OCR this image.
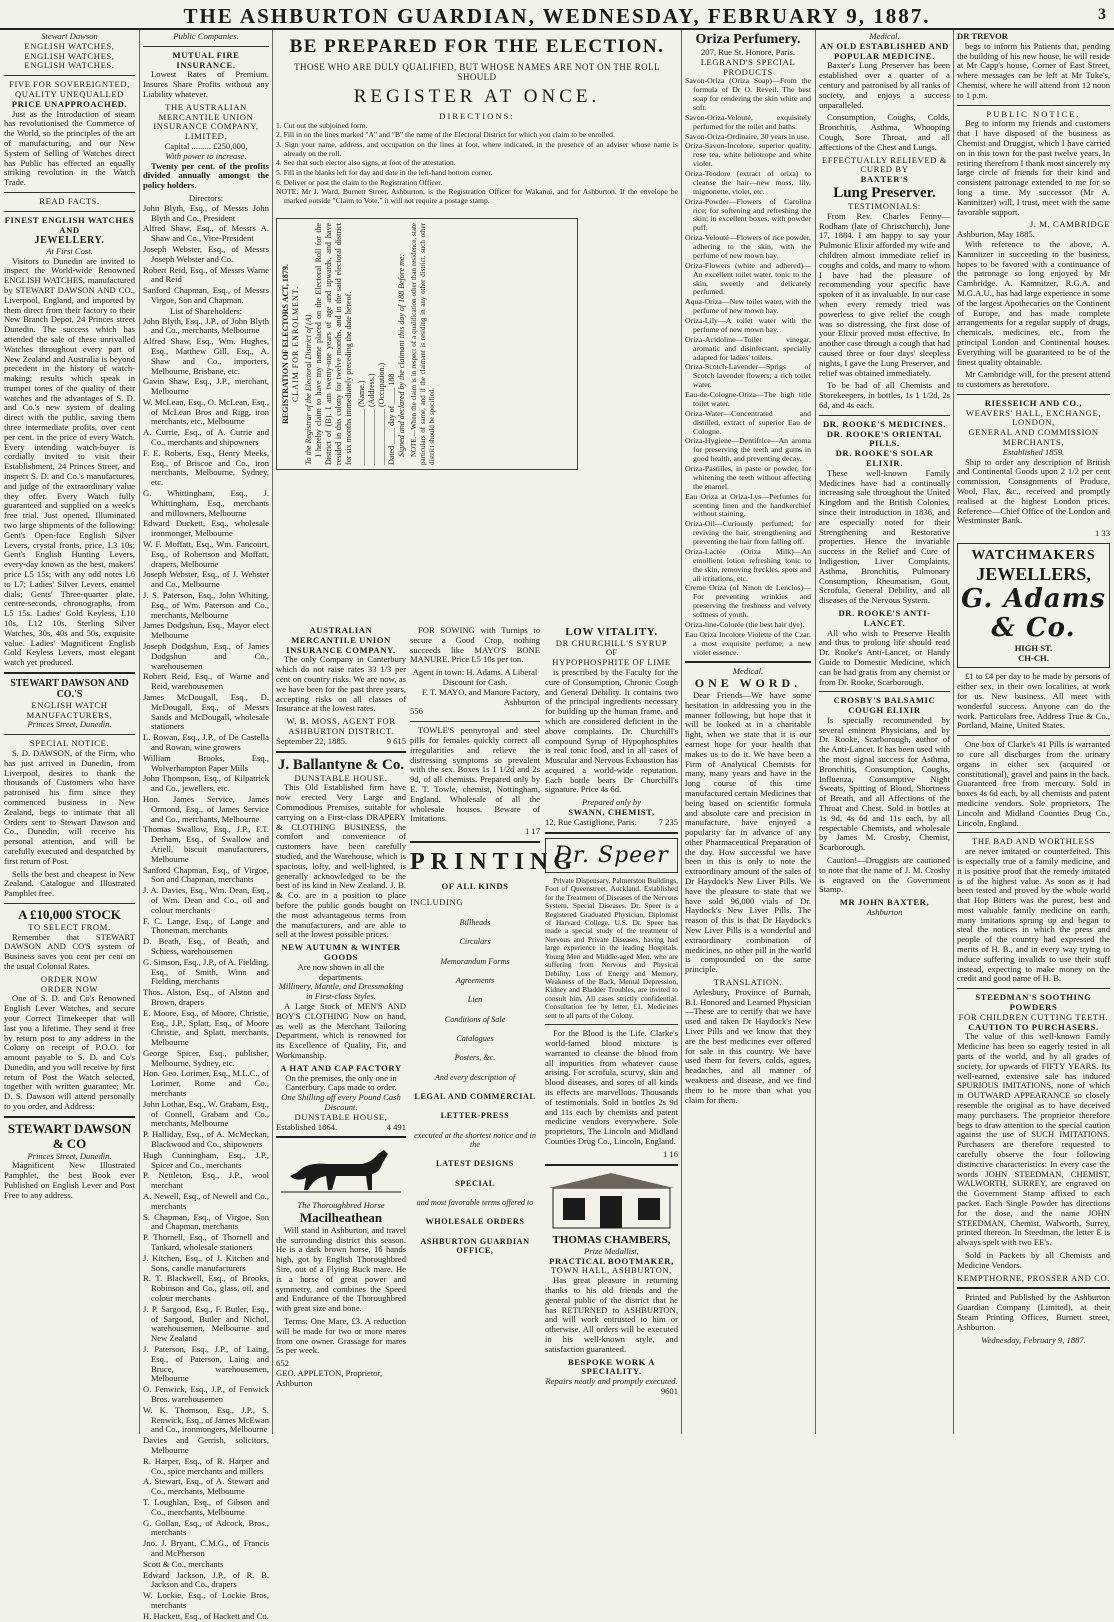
THE ASHBURTON GUARDIAN, WEDNESDAY, FEBRUARY 9, 1887.	3
Stewart Dawson
ENGLISH WATCHES,
ENGLISH WATCHES,
ENGLISH WATCHES.
FIVE FOR SOVEREIGNTED,
QUALITY UNEQUALLED
PRICE UNAPPROACHED.

Just as the Introduction of steam has revolutionised the Commerce of the World, so the principles of the art of manufacturing, and our New System of Selling of Watches direct has Public has effected an equally striking revolution in the Watch Trade.

READ FACTS.
FINEST ENGLISH WATCHES AND
JEWELLERY.
At First Cost.

Visitors to Dunedin are invited to inspect the World-wide Renowned ENGLISH WATCHES, manufactured by STEWART DAWSON AND CO., Liverpool, England, and imported by them direct from their factory to their New Branch Depot, 24 Princes street Dunedin. The success which has attended the sale of these unrivalled Watches throughout every part of New Zealand and Australia is beyond precedent in the history of watch-making; results which speak in trumpet tones of the quality of their watches and the advantages of S. D. and Co.'s new system of dealing direct with the public, saving them three intermediate profits, over cent per cent. in the price of every Watch. Every intending watch-buyer is cordially invited to visit their Establishment, 24 Princes Street, and inspect S. D. and Co.'s manufactures, and judge of the extraordinary value they offer. Every Watch fully guaranteed and supplied on a week's free trial. Just opened, Illuminated two large shipments of the following: Gent's Open-face English Silver Levers, crystal fronts, price, L3 10s; Gent's English Hunting Levers, every-day known as the best, makers' price L5 15s; with any odd notes L6 to L7; Ladies' Silver Levers, enamel dials; Gents' Three-quarter plate, centre-seconds, chronographs, from L5 15s. Ladies' Gold Keyless, L10 10s, L12 10s. Sterling Silver Watches, 30s, 40s and 50s, exquisite value. Ladies' Magnificent English Gold Keyless Levers, most elegant watch yet produced.

STEWART DAWSON AND CO.'S
ENGLISH WATCH MANUFACTURERS,
Princes Street, Dunedin.
SPECIAL NOTICE.

S. D. DAWSON, of the Firm, who has just arrived in Dunedin, from Liverpool, desires to thank the thousands of Customers who have patronised his firm since they commenced business in New Zealand, begs to intimate that all Orders sent to Stewart Dawson and Co., Dunedin, will receive his personal attention, and will be carefully executed and despatched by first return of Post.

Sells the best and cheapest in New Zealand. Catalogue and Illustrated Pamphlet free.

A £10,000 STOCK
TO SELECT FROM.

Remember that STEWART DAWSON AND CO'S system of Business saves you cent per cent on the usual Colonial Rates.

ORDER NOW
ORDER NOW

One of S. D. and Co's Renowned English Lever Watches, and secure your Correct Timekeeper that will last you a lifetime. They send it free by return post to any address in the Colony on receipt of P.O.O. for amount payable to S. D. and Co's Dunedin, and you will receive by first return of Post the Watch selected, together with written guarantee; Mr. D. S. Dawson will attend personally to you order, and Address:

STEWART DAWSON & CO
Princes Street, Dunedin.

Magnificent New Illustrated Pamphlet, the best Book ever Published on English Lever and Post Free to any address.

Public Companies.
MUTUAL FIRE INSURANCE.

Lowest Rates of Premium. Insures Share Profits without any Liability whatever.

THE AUSTRALIAN MERCANTILE UNION INSURANCE COMPANY,
LIMITED.
Capital ......... £250,000,
With power to increase.

Twenty per cent. of the profits divided annually amongst the policy holders.

Directors:
John Blyth, Esq., of Messrs John Blyth and Co., President
Alfred Shaw, Esq., of Messrs A. Shaw and Co., Vice-President
Joseph Webster, Esq., of Messrs Joseph Webster and Co.
Robert Reid, Esq., of Messrs Warne and Reid
Sanford Chapman, Esq., of Messrs Virgoe, Son and Chapman.
List of Shareholders:
John Blyth, Esq., J.P., of John Blyth and Co., merchants, Melbourne
Alfred Shaw, Esq., Wm. Hughes, Esq., Matthew Gill, Esq., A. Shaw and Co., importers, Melbourne, Brisbane, etc.
Gavin Shaw, Esq., J.P., merchant, Melbourne
W. McLean, Esq., O. McLean, Esq., of McLean Bros and Rigg, iron merchants, etc., Melbourne
A. Currie, Esq., of A. Currie and Co., merchants and shipowners
F. E. Roberts, Esq., Henry Meeks, Esq., of Briscoe and Co., iron merchants, Melbourne, Sydney, etc.
G. Whittingham, Esq., J. Whittingham, Esq., merchants and millowners, Melbourne
Edward Duckett, Esq., wholesale ironmonger, Melbourne
W. F. Moffatt, Esq., Wm. Fancourt, Esq., of Robertson and Moffatt, drapers, Melbourne
Joseph Webster, Esq., of J. Webster and Co., Melbourne
J. S. Paterson, Esq., John Whiting, Esq., of Wm. Paterson and Co., merchants, Melbourne
James Dodgshun, Esq., Mayor elect Melbourne
Joseph Dodgshun, Esq., of James Dodgshun and Co., warehousemen
Robert Reid, Esq., of Warne and Reid, warehousemen
James McDougall, Esq., D. McDougall, Esq., of Messrs Sands and McDougall, wholesale stationers
L. Rowan, Esq., J.P., of De Castella and Rowan, wine growers
William Brooks, Esq., Wolverhampton Paper Mills
John Thompson, Esq., of Kilpatrick and Co., jewellers, etc.
Hon. James Service, James Ormond, Esq., of James Service and Co., merchants, Melbourne
Thomas Swallow, Esq., J.P., F.T. Derham, Esq., of Swallow and Ariell, biscuit manufacturers, Melbourne
Sanford Chapman, Esq., of Virgoe, Son and Chapman, merchants
J. A. Davies, Esq., Wm. Dean, Esq., of Wm. Dean and Co., oil and colour merchants
F. C. Lange, Esq., of Lange and Thoneman, merchants
D. Beath, Esq., of Beath, and Schiess, warehousemen
G. Simson, Esq., J.P., of A. Fielding, Esq., of Smith, Winn and Fielding, merchants
Thos. Alston, Esq., of Alston and Brown, drapers
E. Moore, Esq., of Moore, Christie, Esq., J.P., Splatt, Esq., of Moore Christie, and Splatt, merchants, Melbourne
George Spicer, Esq., publisher, Melbourne, Sydney, etc.
Hon. Geo. Lorimer, Esq., M.L.C., of Lorimer, Rome and Co., merchants
John Lothar, Esq., W. Grabam, Esq., of Connell, Grabam and Co., merchants, Melbourne
P. Halliday, Esq., of A. McMeckan, Blackwood and Co., shipowners
Hugh Cunningham, Esq., J.P., Spicer and Co., merchants
P. Nettleton, Esq., J.P., wool merchant
A. Newell, Esq., of Newell and Co., merchants
S. Chapman, Esq., of Virgoe, Son and Chapman, merchants
P. Thornell, Esq., of Thornell and Tankard, wholesale stationers
J. Kitchen, Esq., of J. Kitchen and Sons, candle manufacturers
R. T. Blackwell, Esq., of Brooks, Robinson and Co., glass, oil, and colour merchants
J. P. Sargood, Esq., F. Butler, Esq., of Sargood, Butler and Nichol, warehousemen, Melbourne and New Zealand
J. Paterson, Esq., J.P., of Laing, Esq., of Paterson, Laing and Bruce, warehousemen, Melbourne
O. Fenwick, Esq., J.P., of Fenwick Bros. warehousemen
W. K. Thomson, Esq., J.P., S. Renwick, Esq., of James McEwan and Co., ironmongers, Melbourne
Davies and Gerrish, solicitors, Melbourne
R. Harper, Esq., of R. Harper and Co., spice merchants and millers
A. Stewart, Esq., of A. Stewart and Co., merchants, Melbourne
T. Loughlan, Esq., of Gibson and Co., merchants, Melbourne
G. Gollan, Esq., of Adcock, Bros., merchants
Jno. J. Bryant, C.M.G., of Francis and McPherson
Scott & Co., merchants
Edward Jackson, J.P., of R. B. Jackson and Co., drapers
W. Lockie, Esq., of Lockie Bros, merchants
H. Hackett, Esq., of Hackett and Co.
BE PREPARED FOR THE ELECTION.
THOSE WHO ARE DULY QUALIFIED, BUT WHOSE NAMES ARE NOT ON THE ROLL SHOULD
REGISTER AT ONCE.
DIRECTIONS:
1. Cut out the subjoined form.
2. Fill in on the lines marked "A" and "B" the name of the Electoral District for which you claim to be enrolled.
3. Sign your name, address, and occupation on the lines at foot, where indicated, in the presence of an adviser whose name is already on the roll.
4. See that such elector also signs, at foot of the attestation.
5. Fill in the blanks left for day and date in the left-hand bottom corner.
6. Deliver or post the claim to the Registration Officer.
NOTE: Mr J. Ward, Burnett Street, Ashburton, is the Registration Officer for Wakanui, and for Ashburton. If the envelope be marked outside "Claim to Vote," it will not require a postage stamp.
REGISTRATION OF ELECTORS ACT, 1879. CLAIM FOR ENROLMENT. To the Registrar of the Electoral District of (A) I hereby claim to have my name placed on the Electoral Roll for the District of (B). I am twenty-one years of age and upwards, and have resided in this colony for twelve months, and in the said electoral district for six months immediately preceding the date hereof. ______________ (Name.)
______________ (Address.)
______________ (Occupation.)
Dated ____ day of ____ 188 Signed and declared by the claimant this day of 188 Before me: NOTE.—When the claim is in respect of a qualification other than residence, state particulars of same, and if the claimant is residing in any other district, such other district should be specified.

AUSTRALIAN MERCANTILE UNION INSURANCE COMPANY.

The only Company in Canterbury which do not raise rates 33 1/3 per cent on country risks. We are now, as we have been for the past three years, accepting risks on all classes of Insurance at the lowest rates.

W. B. MOSS, AGENT FOR ASHBURTON DISTRICT.
September 22, 1885.	9 615
J. Ballantyne & Co.
DUNSTABLE HOUSE.

This Old Established firm have now erected Very Large and Commodious Premises, suitable for carrying on a First-class DRAPERY & CLOTHING BUSINESS, the comfort and convenience of customers have been carefully studied, and the Warehouse, which is spacious, lofty, and well-lighted, is generally acknowledged to be the best of its kind in New Zealand. J. B. & Co. are in a position to place before the public goods bought on the most advantageous terms from the manufacturers, and are able to sell at the lowest possible prices.

NEW AUTUMN & WINTER GOODS
Are now shown in all the departments.
Millinery, Mantle, and Dressmaking in First-class Styles.

A Large Stock of MEN'S AND BOY'S CLOTHING Now on hand, as well as the Merchant Tailoring Department, which is renowned for its Excellence of Quality, Fit, and Workmanship.

A HAT AND CAP FACTORY
On the premises, the only one in Canterbury. Caps made to order.
One Shilling off every Pound Cash Discount.
DUNSTABLE HOUSE,
Established 1864.	4 491
The Thoroughbred Horse
Macilheathean

Will stand in Ashburton, and travel the surrounding district this season. He is a dark brown horse, 16 hands high, got by English Thoroughbred Sire, out of a Flying Buck mare. He is a horse of great power and symmetry, and combines the Speed and Endurance of the Thoroughbred with great size and bone.

Terms: One Mare, £3. A reduction will be made for two or more mares from one owner. Grassage for mares 5s per week.

652
GEO. APPLETON, Proprietor, Ashburton

FOR SOWING with Turnips to secure a Good Crop, nothing succeeds like MAYO'S BONE MANURE. Price L5 10s per ton.

Agent in town: H. Adams. A Liberal Discount for Cash.
F. T. MAYO, and Manure Factory, Ashburton
556

TOWLE'S pennyroyal and steel pills for females quickly correct all irregularities and relieve the distressing symptoms so prevalent with the sex. Boxes 1s 1 1/2d and 2s 9d, of all chemists. Prepared only by E. T. Towle, chemist, Nottingham, England. Wholesale of all the wholesale houses. Beware of Imitations.

1 17
PRINTING
OF ALL KINDS
INCLUDING
Billheads
Circulars
Memorandum Forms
Agreements
Lien
Conditions of Sale
Catalogues
Posters, &c.
And every description of
LEGAL AND COMMERCIAL
LETTER-PRESS
executed at the shortest notice and in the
LATEST DESIGNS
SPECIAL
and most favorable terms offered to
WHOLESALE ORDERS
ASHBURTON GUARDIAN OFFICE,
LOW VITALITY.
DR CHURCHILL'S SYRUP
OF
HYPOPHOSPHITE OF LIME

is prescribed by the Faculty for the cure of Consumption, Chronic Cough and General Debility. It contains two of the principal ingredients necessary for building up the human frame, and which are considered deficient in the above complaints. Dr. Churchill's compound Syrup of Hypophosphites is real tonic food, and in all cases of Muscular and Nervous Exhaustion has acquired a world-wide reputation. Each bottle bears Dr Churchill's signature. Price 4s 6d.

Prepared only by
SWANN, CHEMIST,
12, Rue Castiglione, Paris.	7 235
Dr. Speer

Private Dispensary, Palmerston Buildings, Foot of Queenstreet, Auckland. Established for the Treatment of Diseases of the Nervous System, Special Diseases. Dr. Speer is a Registered Graduated Physician, Diplomist of Harvard College, U.S. Dr. Speer has made a special study of the treatment of Nervous and Private Diseases, having had large experience in the leading Hospitals. Young Men and Middle-aged Men, who are suffering from Nervous and Physical Debility, Loss of Energy and Memory, Weakness of the Back, Mental Depression, Kidney and Bladder Troubles, are invited to consult him. All cases strictly confidential. Consultation fee by letter, £1. Medicines sent to all parts of the Colony.

For the Blood is the Life. Clarke's world-famed blood mixture is warranted to cleanse the blood from all impurities from whatever cause arising. For scrofula, scurvy, skin and blood diseases, and sores of all kinds its effects are marvellous. Thousands of testimonials. Sold in bottles 2s 9d and 11s each by chemists and patent medicine vendors everywhere. Sole proprietors, The Lincoln and Midland Counties Drug Co., Lincoln, England.

1 16
THOMAS CHAMBERS,
Prize Medallist,
PRACTICAL BOOTMAKER,
TOWN HALL, ASHBURTON,

Has great pleasure in returning thanks to his old friends and the general public of the district that he has RETURNED to ASHBURTON, and will work entrusted to him or otherwise. All orders will be executed in his well-known style, and satisfaction guaranteed.

BESPOKE WORK A SPECIALITY.
Repairs neatly and promptly executed.
9601
Oriza Perfumery.
207, Rue St. Honore, Paris.
LEGRAND'S SPECIAL PRODUCTS
Savon-Oriza (Oriza Soap)—From the formula of Dr O. Reveil. The best soap for rendering the skin white and soft.
Savon-Oriza-Velouté, exquisitely perfumed for the toilet and baths.
Savon-Oriza-Ordinaire, 30 years in use.
Oriza-Savon-Incolore, superior quality, rose tea, white heliotrope and white violet.
Oriza-Teodore (extract of oriza) to cleanse the hair—new moss, lily, mignonette, violet, etc.
Oriza-Powder—Flowers of Carolina rice; for softening and refreshing the skin; in excellent boxes, with powder puff.
Oriza-Velouté—Flowers of rice powder, adhering to the skin, with the perfume of new mown hay.
Oriza-Flowers (white and adhered)—An excellent toilet water, tonic to the skin, sweetly and delicately perfumed.
Aqua-Oriza—New toilet water, with the perfume of new mown hay.
Oriza-Lily—A toilet water with the perfume of new mown hay.
Oriza-Acidoline—Toilet vinegar, aromatic and disinfectant, specially adapted for ladies' toilets.
Oriza-Scotch-Lavender—Sprigs of Scotch lavender flowers; a rich toilet water.
Eau-de-Cologne-Oriza—The high title toilet water.
Oriza-Water—Concentrated and distilled, extract of superior Eau de Cologne.
Oriza-Hygiene—Dentifrice—An aroma for preserving the teeth and gums in good health, and preventing decay.
Oriza-Pastilles, in paste or powder, for whitening the teeth without affecting the enamel.
Eau Oriza at Oriza-Lys—Perfumes for scenting linen and the handkerchief without staining.
Oriza-Oil—Curiously perfumed; for reviving the hair, strengthening and preventing the hair from falling off.
Oriza-Lactée (Oriza Milk)—An emollient lotion refreshing tonic to the skin, removing freckles, spots and all irritations, etc.
Creme Oriza (of Ninon de Lenclos)—For preventing wrinkles and preserving the freshness and velvety softness of youth.
Oriza-line-Colorée (the best hair dye).
Eau Oriza Incolore Violette of the Czar, a most exquisite perfume; a new violet essence.
Medical.
ONE WORD.

Dear Friends—We have some hesitation in addressing you in the manner following, but hope that it will be looked at in a charitable light, when we state that it is our earnest hope for your health that makes us to do it. We have been a Firm of Analytical Chemists for many, many years and have in the long course of this time manufactured certain Medicines that being based on scientific formula and absolute care and precision in manufacture, have enjoyed a popularity far in advance of any other Pharmaceutical Preparation of the day. How successful we have been in this is only to note the extraordinary amount of the sales of Dr Haydock's New Liver Pills. We have the pleasure to state that we have sold 96,000 vials of Dr. Haydock's New Liver Pills. The reason of this is that Dr Haydock's New Liver Pills is a wonderful and extraordinary combination of medicines, no other pill in the world is compounded on the same principle.

TRANSLATION.

Aylesbury, Province of Burnah, B.I. Honored and Learned Physician—These are to certify that we have used and taken Dr Haydock's New Liver Pills and we know that they are the best medicines ever offered for sale in this country. We have used them for fevers, colds, agues, headaches, and all manner of weakness and disease, and we find them to be more than what you claim for them.

Medical.
AN OLD ESTABLISHED AND POPULAR MEDICINE.

Baxter's Lung Preserver has been established over a quarter of a century and patronised by all ranks of society, and enjoys a success unparalleled.

Consumption, Coughs, Colds, Bronchitis, Asthma, Whooping Cough, Sore Throat, and all affections of the Chest and Lungs.

EFFECTUALLY RELIEVED & CURED BY
BAXTER'S
Lung Preserver.
TESTIMONIALS:

From Rev. Charles Fenny—Rodham (late of Christchurch), June 17, 1884. I am happy to say your Pulmonic Elixir afforded my wife and children almost immediate relief in coughs and colds, and many to whom I have had the pleasure of recommending your specific have spoken of it as invaluable. In our case when every remedy tried was powerless to give relief the cough was so distressing, the first dose of your Elixir proved most effective. In another case through a cough that had caused three or four days' sleepless nights, I gave the Lung Preserver, and relief was obtained immediately.

To be had of all Chemists and Storekeepers, in bottles, 1s 1 1/2d, 2s 6d, and 4s each.

DR. ROOKE'S MEDICINES.
DR. ROOKE'S ORIENTAL PILLS.
DR. ROOKE'S SOLAR ELIXIR.

These well-known Family Medicines have had a continually increasing sale throughout the United Kingdom and the British Colonies, since their introduction in 1836, and are especially noted for their Strengthening and Restorative properties. Hence the invariable success in the Relief and Cure of Indigestion, Liver Complaints, Asthma, Bronchitis, Pulmonary Consumption, Rheumatism, Gout, Scrofula, General Debility, and all diseases of the Nervous System.

DR. ROOKE'S ANTI-LANCET.

All who wish to Preserve Health and thus to prolong life should read Dr. Rooke's Anti-Lancet, or Handy Guide to Domestic Medicine, which can be had gratis from any chemist or from Dr. Rooke, Scarborough.

CROSBY'S BALSAMIC COUGH ELIXIR

Is specially recommended by several eminent Physicians, and by Dr. Rooke, Scarborough, author of the Anti-Lancet. It has been used with the most signal success for Asthma, Bronchitis, Consumption, Coughs, Influenza, Consumptive Night Sweats, Spitting of Blood, Shortness of Breath, and all Affections of the Throat and Chest. Sold in bottles at 1s 9d, 4s 6d and 11s each, by all respectable Chemists, and wholesale by James M. Crosby, Chemist, Scarborough.

Caution!—Druggists are cautioned to note that the name of J. M. Crosby is engraved on the Government Stamp.

MR JOHN BAXTER,
Ashburton
DR TREVOR

begs to inform his Patients that, pending the building of his new house, he will reside at Mr Capp's house, Corner of East Street, where messages can be left at Mr Tuke's, Chemist, where he will attend from 12 noon to 1 p.m.

PUBLIC NOTICE.

Beg to inform my friends and customers that I have disposed of the business as Chemist and Druggist, which I have carried on in this town for the past twelve years. In retiring therefrom I thank most sincerely my large circle of friends for their kind and consistent patronage extended to me for so long a time. My successor (Mr A. Kamnitzer) will, I trust, meet with the same favorable support.

J. M. CAMBRIDGE
Ashburton, May 1885.

With reference to the above, A. Kamnitzer in succeeding to the business, hopes to be favored with a continuance of the patronage so long enjoyed by Mr Cambridge. A. Kamnitzer, R.G.A. and M.G.A.U., has had large experience in some of the largest Apothecaries on the Continent of Europe, and has made complete arrangements for a regular supply of drugs, chemicals, medicines, etc., from the principal London and Continental houses. Everything will be guaranteed to be of the finest quality obtainable.

Mr Cambridge will, for the present attend to customers as heretofore.

RIESSEICH AND CO.,
WEAVERS' HALL, EXCHANGE, LONDON,
GENERAL AND COMMISSION MERCHANTS,
Established 1859.

Ship to order any description of British and Continental Goods upon 2 1/2 per cent commission, Consignments of Produce, Wool, Flax, &c., received and promptly realised at the highest London prices. Reference—Chief Office of the London and Westminster Bank.

1 33
WATCHMAKERS
JEWELLERS,
G. Adams & Co.
HIGH ST.
CH-CH.

£1 to £4 per day to be made by persons of either sex, in their own localities, at work for us. New business. All meet with wonderful success. Anyone can do the work. Particulars free. Address True & Co., Portland, Maine, United States.

One box of Clarke's 41 Pills is warranted to cure all discharges from the urinary organs in either sex (acquired or constitutional), gravel and pains in the back. Guaranteed free from mercury. Sold in boxes 4s 6d each, by all chemists and patent medicine vendors. Sole proprietors, The Lincoln and Midland Counties Drug Co., Lincoln, England.

THE BAD AND WORTHLESS

are never imitated or counterfeited. This is especially true of a family medicine, and it is positive proof that the remedy imitated is of the highest value. As soon as it had been tested and proved by the whole world that Hop Bitters was the purest, best and most valuable family medicine on earth, many imitations sprung up and began to steal the notices in which the press and people of the country had expressed the merits of H. B., and in every way trying to induce suffering invalids to use their stuff instead, expecting to make money on the credit and good name of H. B.

STEEDMAN'S SOOTHING POWDERS
FOR CHILDREN CUTTING TEETH.
CAUTION TO PURCHASERS.

The value of this well-known Family Medicine has been so eagerly tested in all parts of the world, and by all grades of society, for upwards of FIFTY YEARS. Its well-earned, extensive sale has induced SPURIOUS IMITATIONS, none of which in OUTWARD APPEARANCE so closely resemble the original as to have deceived many purchasers. The proprietor therefore begs to draw attention to the special caution against the use of SUCH IMITATIONS. Purchasers are therefore requested to carefully observe the four following distinctive characteristics: In every case the words JOHN STEEDMAN, CHEMIST, WALWORTH, SURREY, are engraved on the Government Stamp affixed to each packet. Each Single Powder has directions for the dose, and the name JOHN STEEDMAN, Chemist, Walworth, Surrey, printed thereon. In Steedman, the letter E is always spelt with two EE's.

Sold in Packets by all Chemists and Medicine Vendors.

KEMPTHORNE, PROSSER AND CO.

Printed and Published by the Ashburton Guardian Company (Limited), at their Steam Printing Offices, Burnett street, Ashburton.

Wednesday, February 9, 1887.
